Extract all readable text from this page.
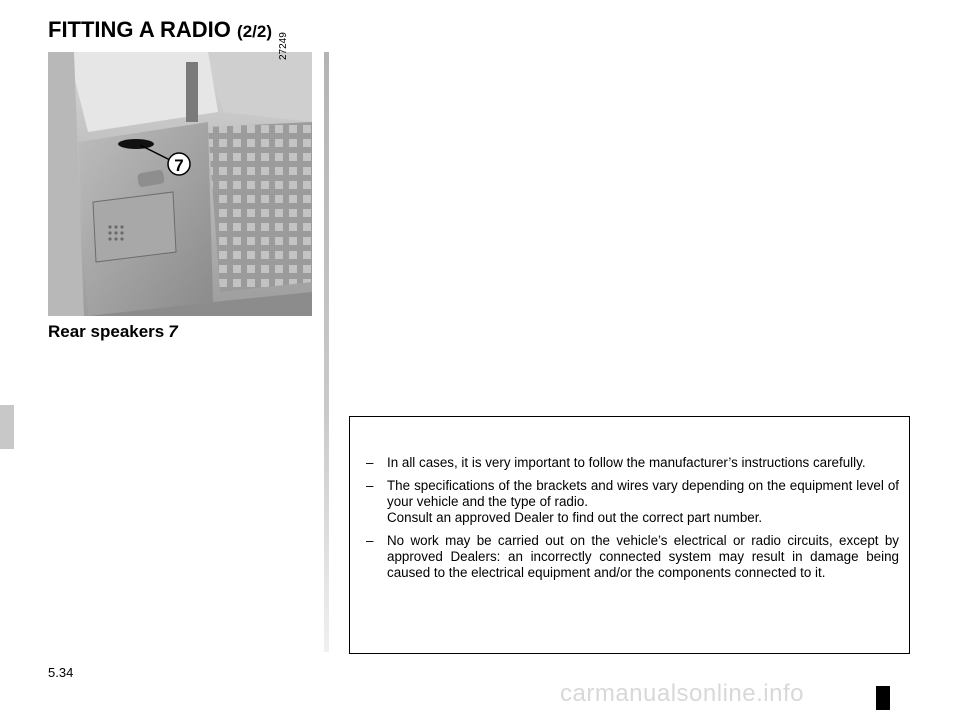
FITTING A RADIO (2/2)
7
27249
Rear speakers 7
– In all cases, it is very important to follow the manufacturer’s instructions carefully.
– The specifications of the brackets and wires vary depending on the equipment level of your vehicle and the type of radio.
Consult an approved Dealer to find out the correct part number.
– No work may be carried out on the vehicle’s electrical or radio circuits, except by approved Dealers: an incorrectly connected system may result in damage being caused to the electrical equipment and/or the components connected to it.
5.34
carmanualsonline.info
